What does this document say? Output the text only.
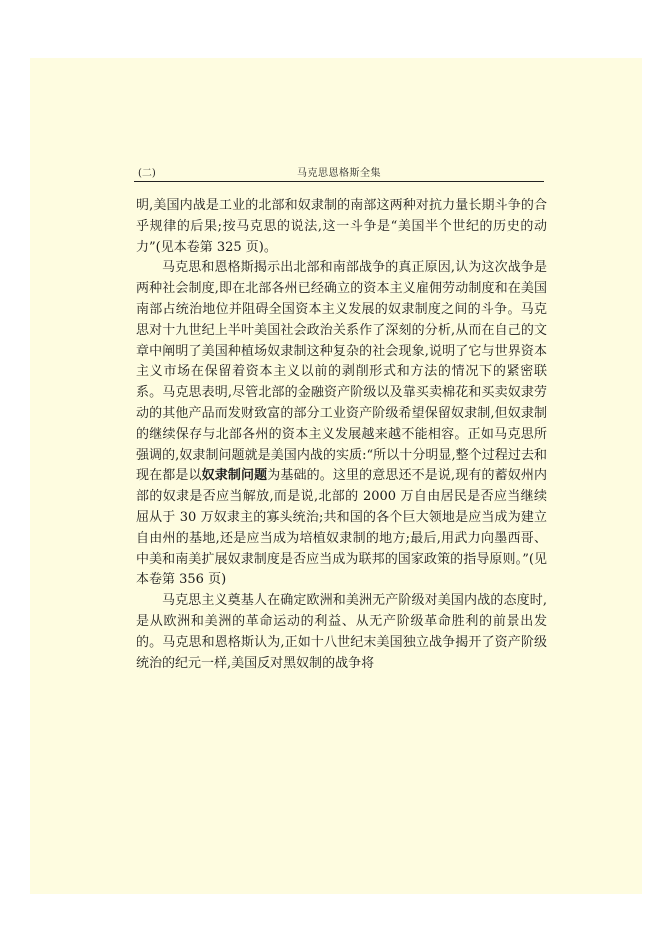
(二)	马克思恩格斯全集

明,美国内战是工业的北部和奴隶制的南部这两种对抗力量长期斗争的合乎规律的后果;按马克思的说法,这一斗争是“美国半个世纪的历史的动力”(见本卷第 325 页)。

马克思和恩格斯揭示出北部和南部战争的真正原因,认为这次战争是两种社会制度,即在北部各州已经确立的资本主义雇佣劳动制度和在美国南部占统治地位并阻碍全国资本主义发展的奴隶制度之间的斗争。马克思对十九世纪上半叶美国社会政治关系作了深刻的分析,从而在自己的文章中阐明了美国种植场奴隶制这种复杂的社会现象,说明了它与世界资本主义市场在保留着资本主义以前的剥削形式和方法的情况下的紧密联系。马克思表明,尽管北部的金融资产阶级以及靠买卖棉花和买卖奴隶劳动的其他产品而发财致富的部分工业资产阶级希望保留奴隶制,但奴隶制的继续保存与北部各州的资本主义发展越来越不能相容。正如马克思所强调的,奴隶制问题就是美国内战的实质:“所以十分明显,整个过程过去和现在都是以奴隶制问题为基础的。这里的意思还不是说,现有的蓄奴州内部的奴隶是否应当解放,而是说,北部的 2000 万自由居民是否应当继续屈从于 30 万奴隶主的寡头统治;共和国的各个巨大领地是应当成为建立自由州的基地,还是应当成为培植奴隶制的地方;最后,用武力向墨西哥、中美和南美扩展奴隶制度是否应当成为联邦的国家政策的指导原则。”(见本卷第 356 页)

马克思主义奠基人在确定欧洲和美洲无产阶级对美国内战的态度时,是从欧洲和美洲的革命运动的利益、从无产阶级革命胜利的前景出发的。马克思和恩格斯认为,正如十八世纪末美国独立战争揭开了资产阶级统治的纪元一样,美国反对黑奴制的战争将
